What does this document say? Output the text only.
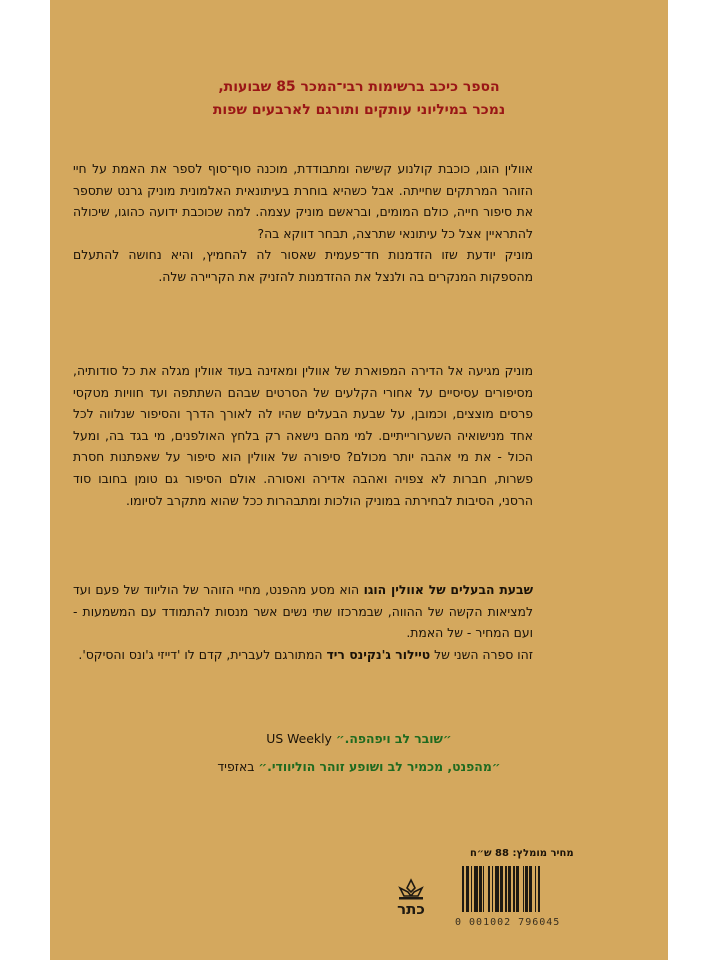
הספר כיכב ברשימות רבי־המכר 85 שבועות,
נמכר במיליוני עותקים ותורגם לארבעים שפות

אוולין הוגו, כוכבת קולנוע קשישה ומתבודדת, מוכנה סוף־סוף לספר את האמת על חיי הזוהר המרתקים שחייתה. אבל כשהיא בוחרת בעיתונאית האלמונית מוניק גרנט שתספר את סיפור חייה, כולם המומים, ובראשם מוניק עצמה. למה שכוכבת ידועה כהוגו, שיכולה להתראיין אצל כל עיתונאי שתרצה, תבחר דווקא בה?

מוניק יודעת שזו הזדמנות חד־פעמית שאסור לה להחמיץ, והיא נחושה להתעלם מהספקות המנקרים בה ולנצל את ההזדמנות להזניק את הקריירה שלה.

מוניק מגיעה אל הדירה המפוארת של אוולין ומאזינה בעוד אוולין מגלה את כל סודותיה, מסיפורים עסיסיים על אחורי הקלעים של הסרטים שבהם השתתפה ועד חוויות מטקסי פרסים מוצצים, וכמובן, על שבעת הבעלים שהיו לה לאורך הדרך והסיפור שנלווה לכל אחד מנישואיה השערורייתיים. למי מהם נישאה רק בלחץ האולפנים, מי בגד בה, ומעל הכול - את מי אהבה יותר מכולם? סיפורה של אוולין הוא סיפור על שאפתנות חסרת פשרות, חברות לא צפויה ואהבה אדירה ואסורה. אולם הסיפור גם טומן בחובו סוד הרסני, הסיבות לבחירתה במוניק הולכות ומתבהרות ככל שהוא מתקרב לסיומו.

שבעת הבעלים של אוולין הוגו הוא מסע מהפנט, מחיי הזוהר של הוליווד של פעם ועד למציאות הקשה של ההווה, שבמרכזו שתי נשים אשר מנסות להתמודד עם המשמעות - ועם המחיר - של האמת.

זהו ספרה השני של טיילור ג'נקינס ריד המתורגם לעברית, קדם לו 'דייזי ג'ונס והסיקס'.

״שובר לב ויפהפה.״ US Weekly
״מהפנט, מכמיר לב ושופע זוהר הוליוודי.״ באזפיד
מחיר מומלץ: 88 ש״ח
0 001002 796045
כתר
